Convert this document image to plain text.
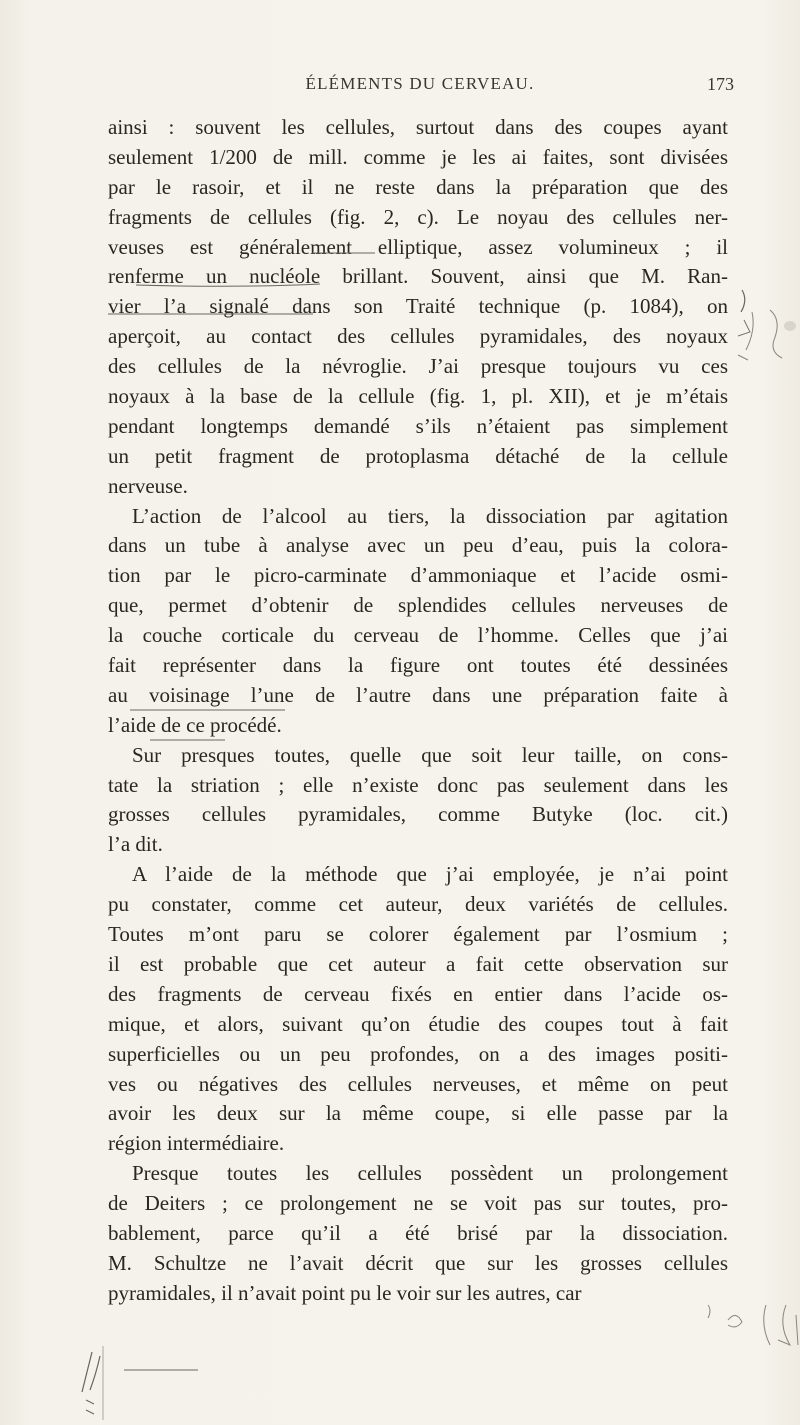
ÉLÉMENTS DU CERVEAU.	173
ainsi : souvent les cellules, surtout dans des coupes ayant
seulement 1/200 de mill. comme je les ai faites, sont divisées
par le rasoir, et il ne reste dans la préparation que des
fragments de cellules (fig. 2, c). Le noyau des cellules ner-
veuses est généralement elliptique, assez volumineux ; il
renferme un nucléole brillant. Souvent, ainsi que M. Ran-
vier l’a signalé dans son Traité technique (p. 1084), on
aperçoit, au contact des cellules pyramidales, des noyaux
des cellules de la névroglie. J’ai presque toujours vu ces
noyaux à la base de la cellule (fig. 1, pl. XII), et je m’étais
pendant longtemps demandé s’ils n’étaient pas simplement
un petit fragment de protoplasma détaché de la cellule
nerveuse.
L’action de l’alcool au tiers, la dissociation par agitation
dans un tube à analyse avec un peu d’eau, puis la colora-
tion par le picro-carminate d’ammoniaque et l’acide osmi-
que, permet d’obtenir de splendides cellules nerveuses de
la couche corticale du cerveau de l’homme. Celles que j’ai
fait représenter dans la figure ont toutes été dessinées
au voisinage l’une de l’autre dans une préparation faite à
l’aide de ce procédé.
Sur presques toutes, quelle que soit leur taille, on cons-
tate la striation ; elle n’existe donc pas seulement dans les
grosses cellules pyramidales, comme Butyke (loc. cit.)
l’a dit.
A l’aide de la méthode que j’ai employée, je n’ai point
pu constater, comme cet auteur, deux variétés de cellules.
Toutes m’ont paru se colorer également par l’osmium ;
il est probable que cet auteur a fait cette observation sur
des fragments de cerveau fixés en entier dans l’acide os-
mique, et alors, suivant qu’on étudie des coupes tout à fait
superficielles ou un peu profondes, on a des images positi-
ves ou négatives des cellules nerveuses, et même on peut
avoir les deux sur la même coupe, si elle passe par la
région intermédiaire.
Presque toutes les cellules possèdent un prolongement
de Deiters ; ce prolongement ne se voit pas sur toutes, pro-
bablement, parce qu’il a été brisé par la dissociation.
M. Schultze ne l’avait décrit que sur les grosses cellules
pyramidales, il n’avait point pu le voir sur les autres, car
